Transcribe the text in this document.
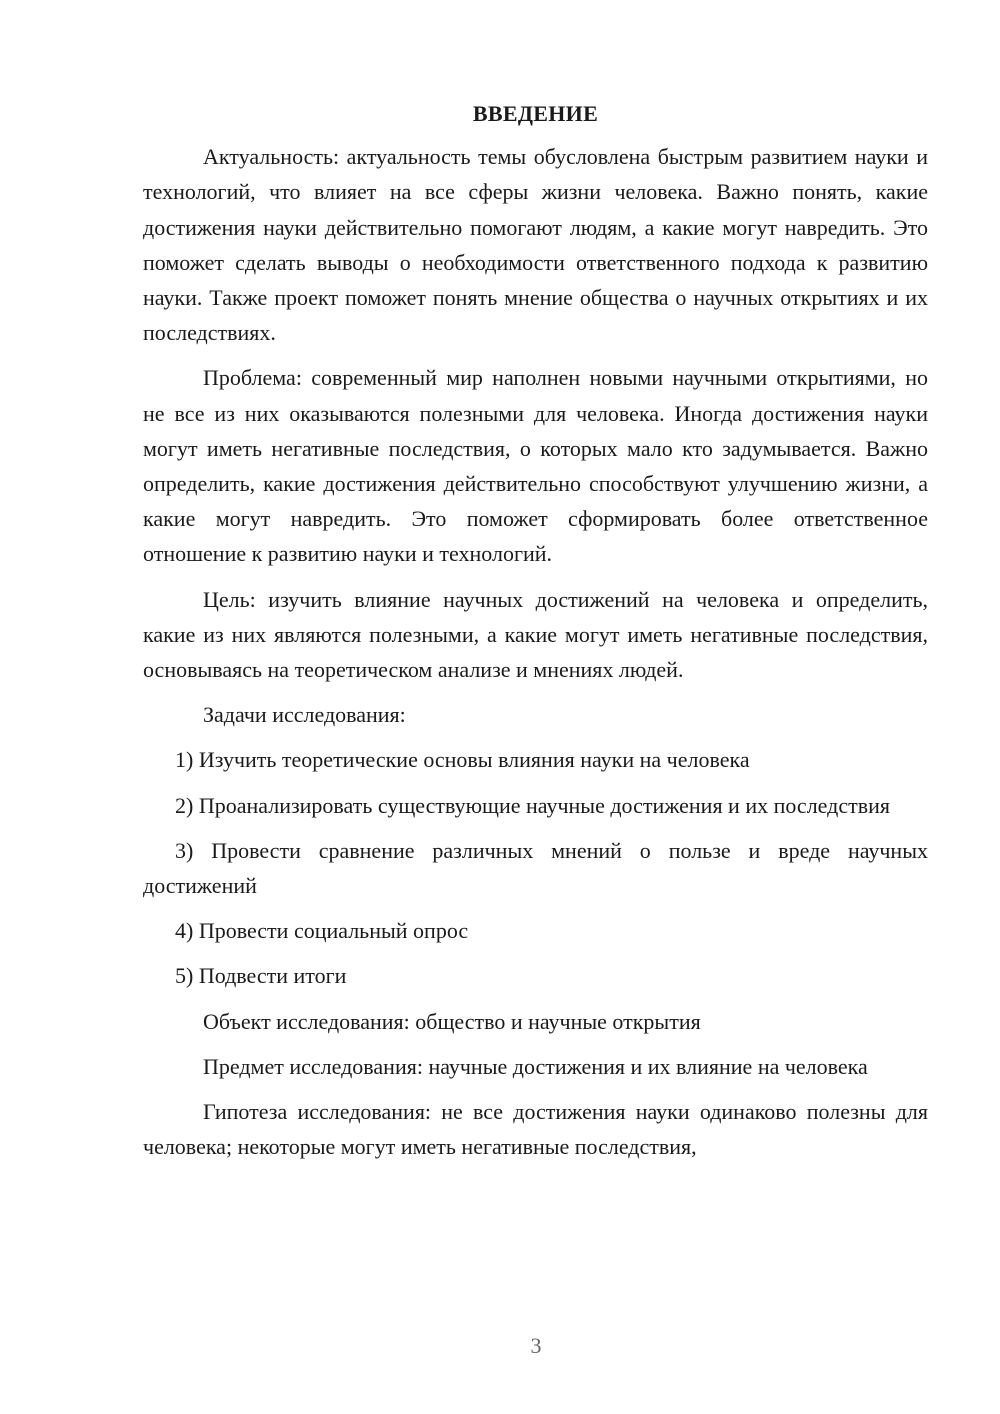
ВВЕДЕНИЕ

Актуальность: актуальность темы обусловлена быстрым развитием науки и технологий, что влияет на все сферы жизни человека. Важно понять, какие достижения науки действительно помогают людям, а какие могут навредить. Это поможет сделать выводы о необходимости ответственного подхода к развитию науки. Также проект поможет понять мнение общества о научных открытиях и их последствиях.

Проблема: современный мир наполнен новыми научными открытиями, но не все из них оказываются полезными для человека. Иногда достижения науки могут иметь негативные последствия, о которых мало кто задумывается. Важно определить, какие достижения действительно способствуют улучшению жизни, а какие могут навредить. Это поможет сформировать более ответственное отношение к развитию науки и технологий.

Цель: изучить влияние научных достижений на человека и определить, какие из них являются полезными, а какие могут иметь негативные последствия, основываясь на теоретическом анализе и мнениях людей.

Задачи исследования:

1) Изучить теоретические основы влияния науки на человека

2) Проанализировать существующие научные достижения и их последствия

3) Провести сравнение различных мнений о пользе и вреде научных достижений

4) Провести социальный опрос

5) Подвести итоги

Объект исследования: общество и научные открытия

Предмет исследования: научные достижения и их влияние на человека

Гипотеза исследования: не все достижения науки одинаково полезны для человека; некоторые могут иметь негативные последствия,

3
